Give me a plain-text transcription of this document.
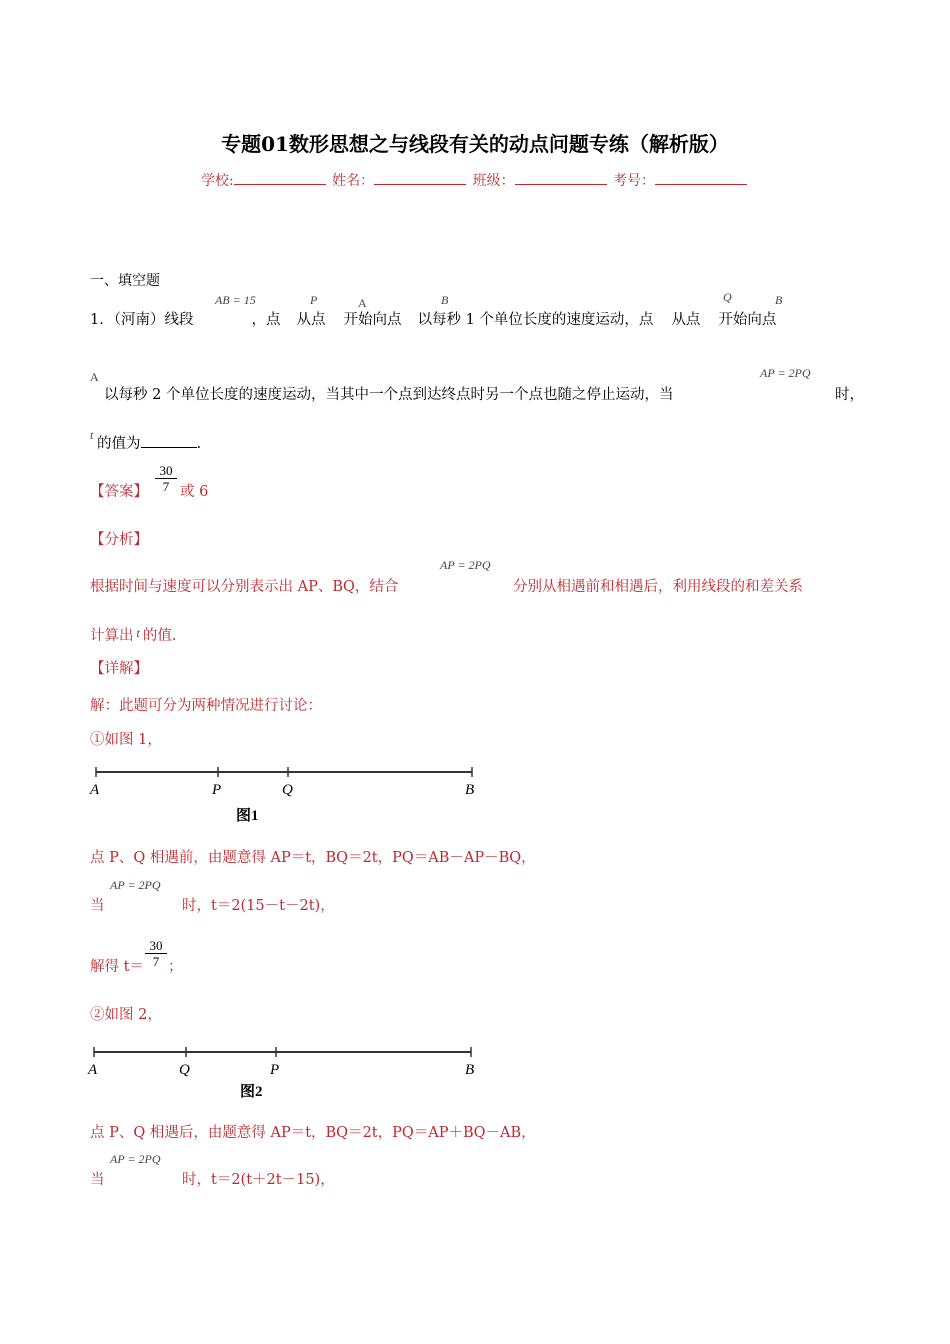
专题01数形思想之与线段有关的动点问题专练（解析版）
学校:	姓名：	班级：	考号：
一、填空题
1．（河南）线段	，点 从点 开始向点 以每秒 1 个单位长度的速度运动，点 从点 开始向点
AB = 15	P	A	B	Q	B
A
以每秒 2 个单位长度的速度运动，当其中一个点到达终点时另一个点也随之停止运动，当
AP = 2PQ
时，
t
的值为	.
【答案】 $\frac{30}{7}$ 或 6
【分析】
根据时间与速度可以分别表示出 AP、BQ，结合
AP = 2PQ
分别从相遇前和相遇后，利用线段的和差关系
计算出 $^t$ 的值.
【详解】
解：此题可分为两种情况进行讨论：
①如图 1，
A	P	Q	B
图1
点 P、Q 相遇前，由题意得 AP＝t，BQ＝2t，PQ＝AB－AP－BQ，
当
AP = 2PQ
时，t＝2(15－t－2t)，
解得 $t= \frac{30}{7}$ ；
②如图 2，
A	Q	P	B
图2
点 P、Q 相遇后，由题意得 AP＝t，BQ＝2t，PQ＝AP＋BQ－AB，
当
AP = 2PQ
时，t＝2(t＋2t－15)，
